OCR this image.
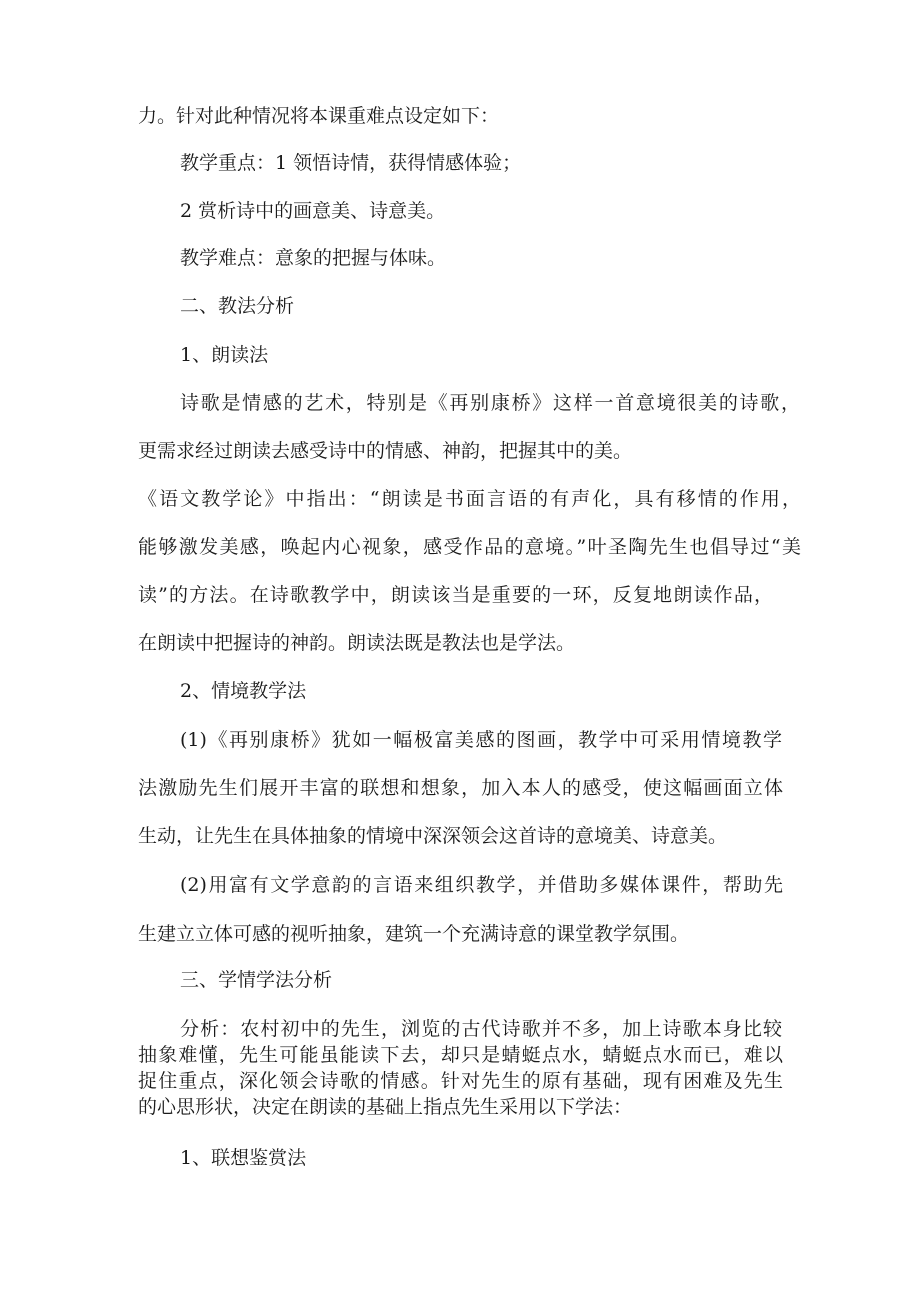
力。针对此种情况将本课重难点设定如下：
教学重点：1 领悟诗情，获得情感体验；
2 赏析诗中的画意美、诗意美。
教学难点：意象的把握与体味。
二、教法分析
1、朗读法
诗歌是情感的艺术，特别是《再别康桥》这样一首意境很美的诗歌，
更需求经过朗读去感受诗中的情感、神韵，把握其中的美。
《语文教学论》中指出：“朗读是书面言语的有声化，具有移情的作用，
能够激发美感，唤起内心视象，感受作品的意境。”叶圣陶先生也倡导过“美
读”的方法。在诗歌教学中，朗读该当是重要的一环，反复地朗读作品，
在朗读中把握诗的神韵。朗读法既是教法也是学法。
2、情境教学法
(1)《再别康桥》犹如一幅极富美感的图画，教学中可采用情境教学
法激励先生们展开丰富的联想和想象，加入本人的感受，使这幅画面立体
生动，让先生在具体抽象的情境中深深领会这首诗的意境美、诗意美。
(2)用富有文学意韵的言语来组织教学，并借助多媒体课件，帮助先
生建立立体可感的视听抽象，建筑一个充满诗意的课堂教学氛围。
三、学情学法分析
分析：农村初中的先生，浏览的古代诗歌并不多，加上诗歌本身比较
抽象难懂，先生可能虽能读下去，却只是蜻蜓点水，蜻蜓点水而已，难以
捉住重点，深化领会诗歌的情感。针对先生的原有基础，现有困难及先生
的心思形状，决定在朗读的基础上指点先生采用以下学法：
1、联想鉴赏法
